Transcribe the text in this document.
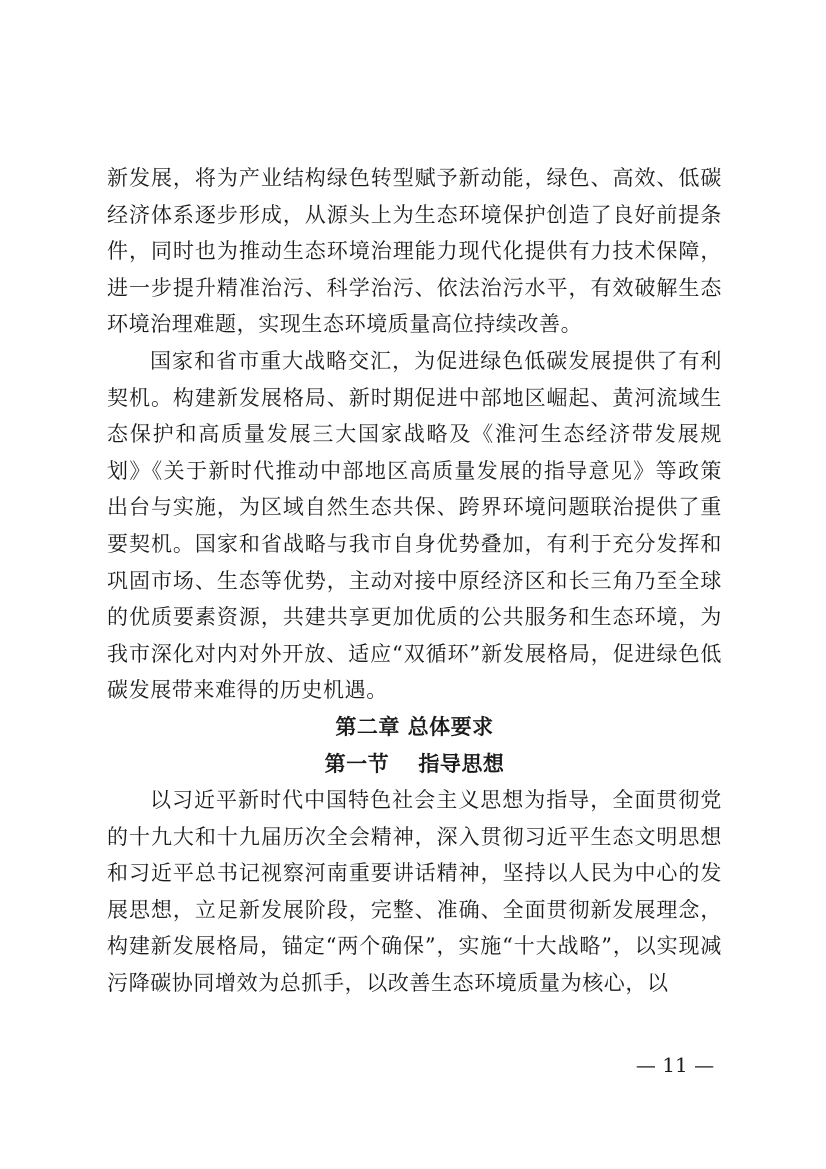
新发展，将为产业结构绿色转型赋予新动能，绿色、高效、低碳经济体系逐步形成，从源头上为生态环境保护创造了良好前提条件，同时也为推动生态环境治理能力现代化提供有力技术保障，进一步提升精准治污、科学治污、依法治污水平，有效破解生态环境治理难题，实现生态环境质量高位持续改善。

国家和省市重大战略交汇，为促进绿色低碳发展提供了有利契机。构建新发展格局、新时期促进中部地区崛起、黄河流域生态保护和高质量发展三大国家战略及《淮河生态经济带发展规划》《关于新时代推动中部地区高质量发展的指导意见》等政策出台与实施，为区域自然生态共保、跨界环境问题联治提供了重要契机。国家和省战略与我市自身优势叠加，有利于充分发挥和巩固市场、生态等优势，主动对接中原经济区和长三角乃至全球的优质要素资源，共建共享更加优质的公共服务和生态环境，为我市深化对内对外开放、适应“双循环”新发展格局，促进绿色低碳发展带来难得的历史机遇。

第二章 总体要求
第一节　 指导思想

以习近平新时代中国特色社会主义思想为指导，全面贯彻党的十九大和十九届历次全会精神，深入贯彻习近平生态文明思想和习近平总书记视察河南重要讲话精神，坚持以人民为中心的发展思想，立足新发展阶段，完整、准确、全面贯彻新发展理念，构建新发展格局，锚定“两个确保”，实施“十大战略”，以实现减污降碳协同增效为总抓手，以改善生态环境质量为核心，以

— 11 —
